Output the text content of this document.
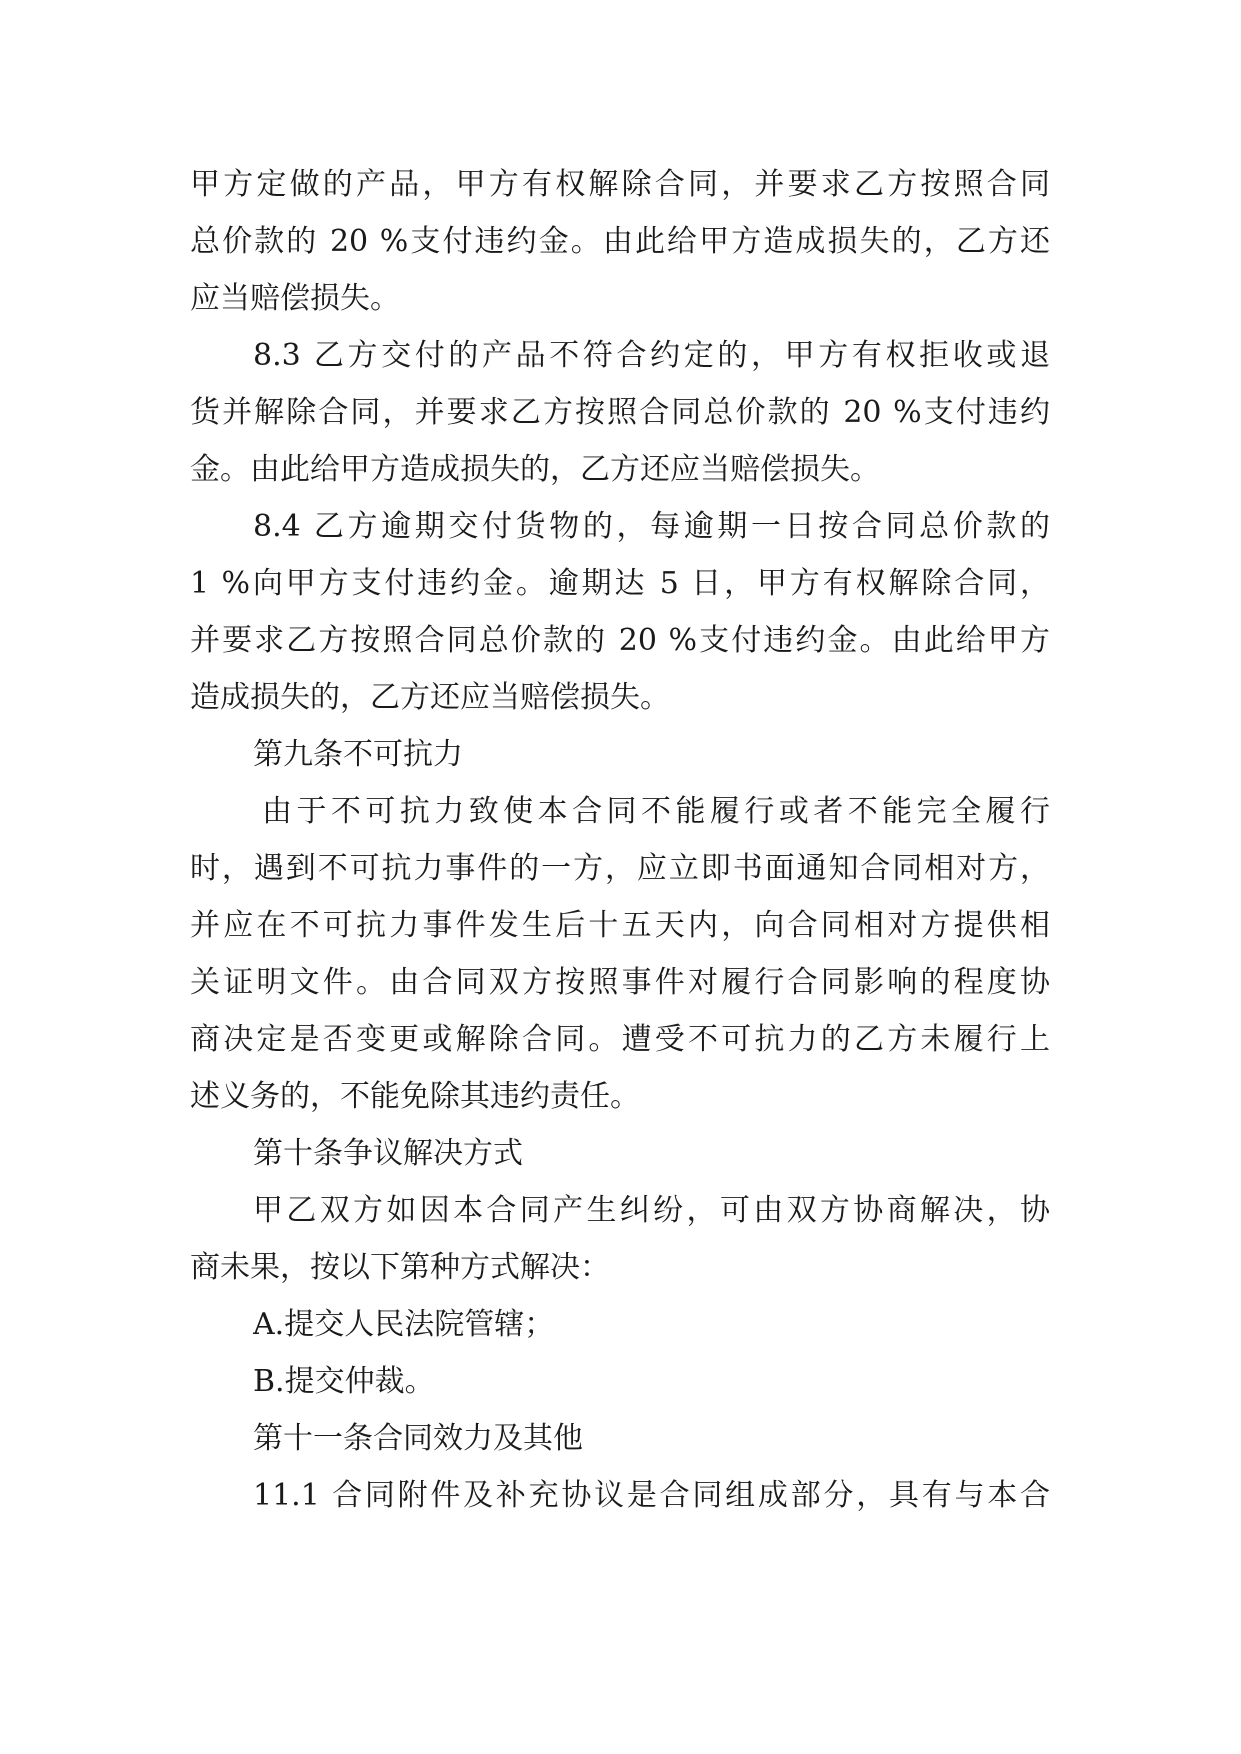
甲方定做的产品，甲方有权解除合同，并要求乙方按照合同
总价款的 20 %支付违约金。由此给甲方造成损失的，乙方还
应当赔偿损失。
8.3 乙方交付的产品不符合约定的，甲方有权拒收或退
货并解除合同，并要求乙方按照合同总价款的 20 %支付违约
金。由此给甲方造成损失的，乙方还应当赔偿损失。
8.4 乙方逾期交付货物的，每逾期一日按合同总价款的
1 %向甲方支付违约金。逾期达 5 日，甲方有权解除合同，
并要求乙方按照合同总价款的 20 %支付违约金。由此给甲方
造成损失的，乙方还应当赔偿损失。
第九条不可抗力
由于不可抗力致使本合同不能履行或者不能完全履行
时，遇到不可抗力事件的一方，应立即书面通知合同相对方，
并应在不可抗力事件发生后十五天内，向合同相对方提供相
关证明文件。由合同双方按照事件对履行合同影响的程度协
商决定是否变更或解除合同。遭受不可抗力的乙方未履行上
述义务的，不能免除其违约责任。
第十条争议解决方式
甲乙双方如因本合同产生纠纷，可由双方协商解决，协
商未果，按以下第种方式解决：
A.提交人民法院管辖；
B.提交仲裁。
第十一条合同效力及其他
11.1 合同附件及补充协议是合同组成部分，具有与本合
